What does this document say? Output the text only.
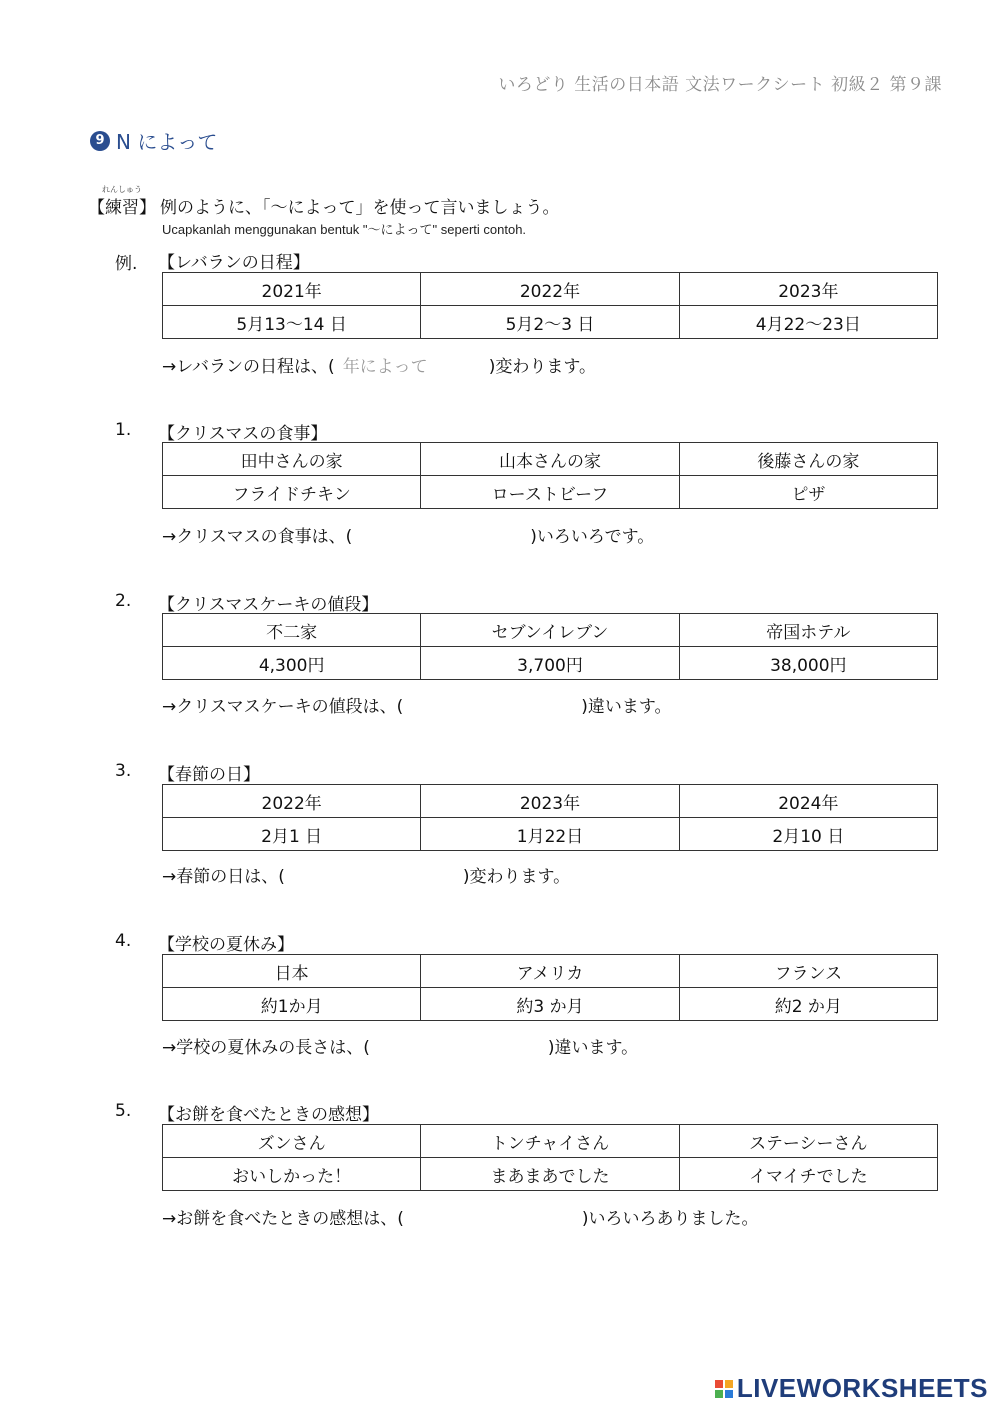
いろどり 生活の日本語 文法ワークシート 初級２ 第９課
9 N によって
れんしゅう
【練習】 例のように、「～によって」を使って言いましょう。
Ucapkanlah menggunakan bentuk "～によって" seperti contoh.
例. 【レバランの日程】
2021年	2022年	2023年
5月13～14 日	5月2～3 日	4月22～23日
→レバランの日程は、( 年によって	)変わります。
1. 【クリスマスの食事】
田中さんの家	山本さんの家	後藤さんの家
フライドチキン	ローストビーフ	ピザ
→クリスマスの食事は、(	)いろいろです。
2. 【クリスマスケーキの値段】
不二家	セブンイレブン	帝国ホテル
4,300円	3,700円	38,000円
→クリスマスケーキの値段は、(	)違います。
3. 【春節の日】
2022年	2023年	2024年
2月1 日	1月22日	2月10 日
→春節の日は、(	)変わります。
4. 【学校の夏休み】
日本	アメリカ	フランス
約1か月	約3 か月	約2 か月
→学校の夏休みの長さは、(	)違います。
5. 【お餅を食べたときの感想】
ズンさん	トンチャイさん	ステーシーさん
おいしかった！	まあまあでした	イマイチでした
→お餅を食べたときの感想は、(	)いろいろありました。
LIVEWORKSHEETS
